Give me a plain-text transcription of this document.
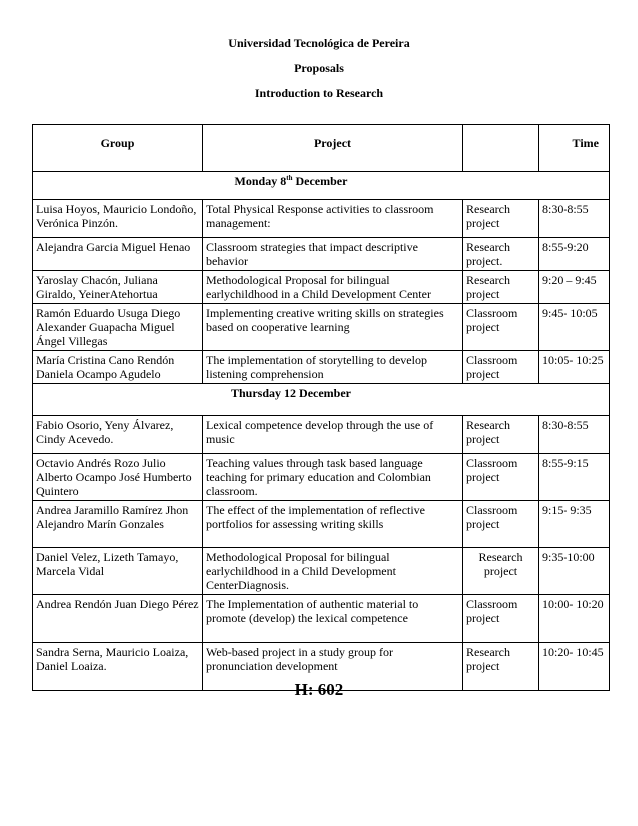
Universidad Tecnológica de Pereira
Proposals
Introduction to Research
Group	Project		Time
Monday 8th December			
Luisa Hoyos, Mauricio Londoño, Verónica Pinzón.	Total Physical Response activities to classroom management:	Research project	8:30-8:55
Alejandra Garcia Miguel Henao	Classroom strategies that impact descriptive behavior	Research project.	8:55-9:20
Yaroslay Chacón, Juliana Giraldo, YeinerAtehortua	Methodological Proposal for bilingual earlychildhood in a Child Development Center	Research project	9:20 – 9:45
Ramón Eduardo Usuga Diego Alexander Guapacha Miguel Ángel Villegas	Implementing creative writing skills on strategies based on cooperative learning	Classroom project	9:45- 10:05
María Cristina Cano Rendón Daniela Ocampo Agudelo	The implementation of storytelling to develop listening comprehension	Classroom project	10:05- 10:25
Thursday 12 December			
Fabio Osorio, Yeny Álvarez, Cindy Acevedo.	Lexical competence develop through the use of music	Research project	8:30-8:55
Octavio Andrés Rozo Julio Alberto Ocampo José Humberto Quintero	Teaching values through task based language teaching for primary education and Colombian classroom.	Classroom project	8:55-9:15
Andrea Jaramillo Ramírez Jhon Alejandro Marín Gonzales	The effect of the implementation of reflective portfolios for assessing writing skills	Classroom project	9:15- 9:35
Daniel Velez, Lizeth Tamayo, Marcela Vidal	Methodological Proposal for bilingual earlychildhood in a Child Development CenterDiagnosis.	Research project	9:35-10:00
Andrea Rendón Juan Diego Pérez	The Implementation of authentic material to promote (develop) the lexical competence	Classroom project	10:00- 10:20
Sandra Serna, Mauricio Loaiza, Daniel Loaiza.	Web-based project in a study group for pronunciation development	Research project	10:20- 10:45
H: 602
